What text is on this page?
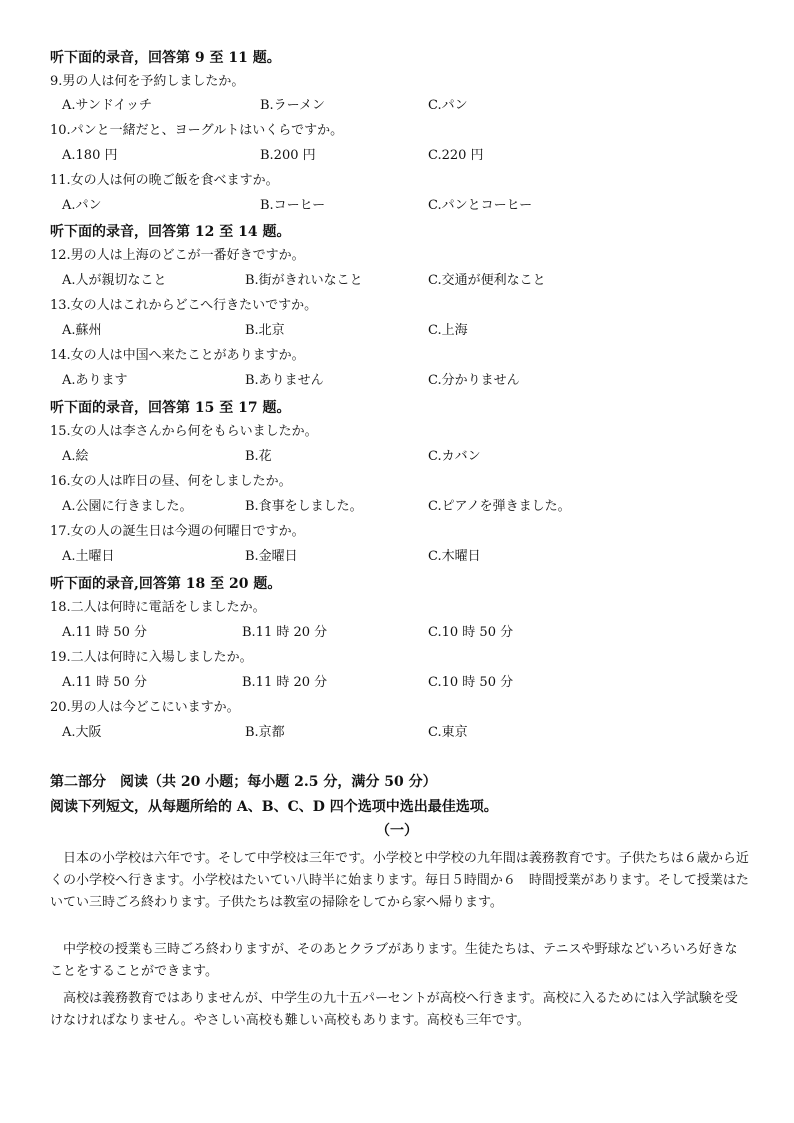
听下面的录音，回答第 9 至 11 题。
9.男の人は何を予約しましたか。
A.サンドイッチ	B.ラーメン	C.パン
10.パンと一緒だと、ヨーグルトはいくらですか。
A.180 円	B.200 円	C.220 円
11.女の人は何の晩ご飯を食べますか。
A.パン	B.コーヒー	C.パンとコーヒー
听下面的录音，回答第 12 至 14 题。
12.男の人は上海のどこが一番好きですか。
A.人が親切なこと	B.街がきれいなこと	C.交通が便利なこと
13.女の人はこれからどこへ行きたいですか。
A.蘇州	B.北京	C.上海
14.女の人は中国へ来たことがありますか。
A.あります	B.ありません	C.分かりません
听下面的录音，回答第 15 至 17 题。
15.女の人は李さんから何をもらいましたか。
A.絵	B.花	C.カバン
16.女の人は昨日の昼、何をしましたか。
A.公園に行きました。	B.食事をしました。	C.ピアノを弾きました。
17.女の人の誕生日は今週の何曜日ですか。
A.土曜日	B.金曜日	C.木曜日
听下面的录音,回答第 18 至 20 题。
18.二人は何時に電話をしましたか。
A.11 時 50 分	B.11 時 20 分	C.10 時 50 分
19.二人は何時に入場しましたか。
A.11 時 50 分	B.11 時 20 分	C.10 時 50 分
20.男の人は今どこにいますか。
A.大阪	B.京都	C.東京
第二部分　阅读（共 20 小题；每小题 2.5 分，满分 50 分）
阅读下列短文，从每题所给的 A、B、C、D 四个选项中选出最佳选项。
（一）
日本の小学校は六年です。そして中学校は三年です。小学校と中学校の九年間は義務教育です。子供たちは６歳から近くの小学校へ行きます。小学校はたいてい八時半に始まります。毎日５時間か６　時間授業があります。そして授業はたいてい三時ごろ終わります。子供たちは教室の掃除をしてから家へ帰ります。
中学校の授業も三時ごろ終わりますが、そのあとクラブがあります。生徒たちは、テニスや野球などいろいろ好きなことをすることができます。
高校は義務教育ではありませんが、中学生の九十五パーセントが高校へ行きます。高校に入るためには入学試験を受けなければなりません。やさしい高校も難しい高校もあります。高校も三年です。
